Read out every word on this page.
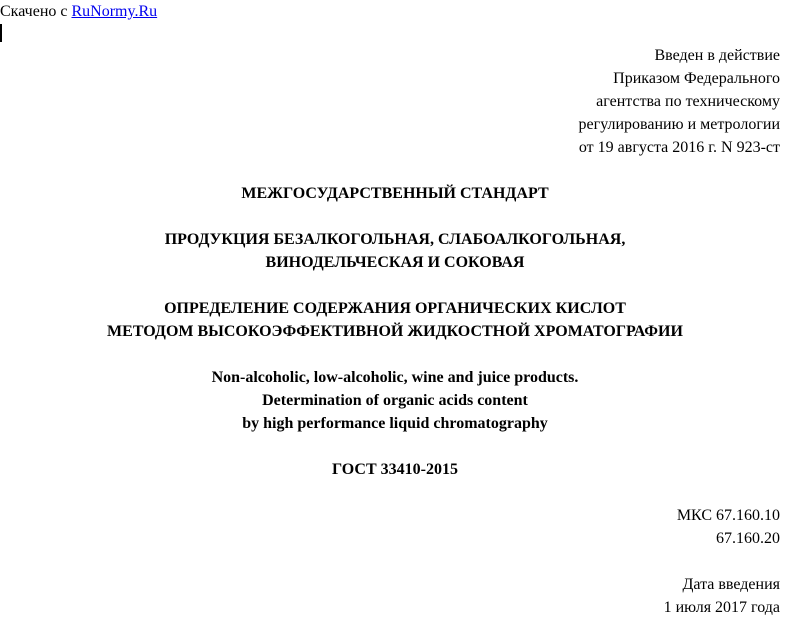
Скачено с RuNormy.Ru
Введен в действие
Приказом Федерального
агентства по техническому
регулированию и метрологии
от 19 августа 2016 г. N 923-ст
МЕЖГОСУДАРСТВЕННЫЙ СТАНДАРТ
ПРОДУКЦИЯ БЕЗАЛКОГОЛЬНАЯ, СЛАБОАЛКОГОЛЬНАЯ,
ВИНОДЕЛЬЧЕСКАЯ И СОКОВАЯ
ОПРЕДЕЛЕНИЕ СОДЕРЖАНИЯ ОРГАНИЧЕСКИХ КИСЛОТ
МЕТОДОМ ВЫСОКОЭФФЕКТИВНОЙ ЖИДКОСТНОЙ ХРОМАТОГРАФИИ
Non-alcoholic, low-alcoholic, wine and juice products.
Determination of organic acids content
by high performance liquid chromatography
ГОСТ 33410-2015
МКС 67.160.10
67.160.20
Дата введения
1 июля 2017 года
